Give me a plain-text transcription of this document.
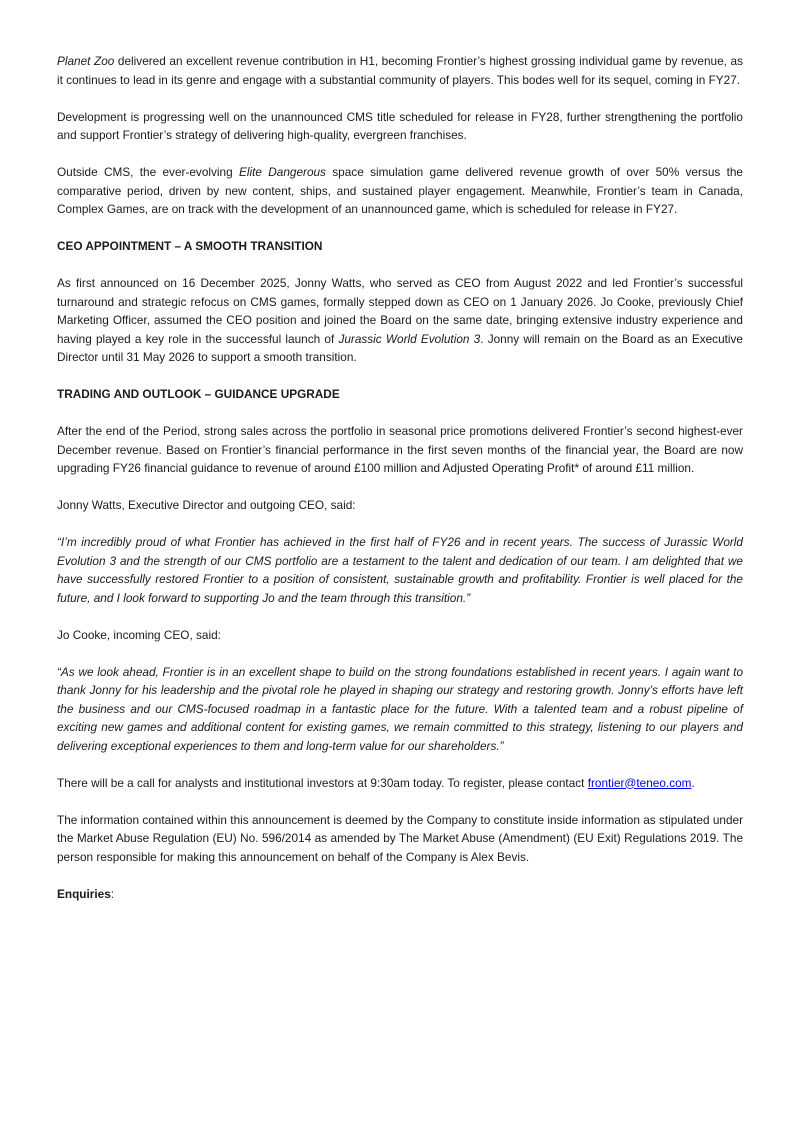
Planet Zoo delivered an excellent revenue contribution in H1, becoming Frontier’s highest grossing individual game by revenue, as it continues to lead in its genre and engage with a substantial community of players. This bodes well for its sequel, coming in FY27.

Development is progressing well on the unannounced CMS title scheduled for release in FY28, further strengthening the portfolio and support Frontier’s strategy of delivering high-quality, evergreen franchises.

Outside CMS, the ever-evolving Elite Dangerous space simulation game delivered revenue growth of over 50% versus the comparative period, driven by new content, ships, and sustained player engagement. Meanwhile, Frontier’s team in Canada, Complex Games, are on track with the development of an unannounced game, which is scheduled for release in FY27.

CEO APPOINTMENT – A SMOOTH TRANSITION

As first announced on 16 December 2025, Jonny Watts, who served as CEO from August 2022 and led Frontier’s successful turnaround and strategic refocus on CMS games, formally stepped down as CEO on 1 January 2026. Jo Cooke, previously Chief Marketing Officer, assumed the CEO position and joined the Board on the same date, bringing extensive industry experience and having played a key role in the successful launch of Jurassic World Evolution 3. Jonny will remain on the Board as an Executive Director until 31 May 2026 to support a smooth transition.

TRADING AND OUTLOOK – GUIDANCE UPGRADE

After the end of the Period, strong sales across the portfolio in seasonal price promotions delivered Frontier’s second highest-ever December revenue. Based on Frontier’s financial performance in the first seven months of the financial year, the Board are now upgrading FY26 financial guidance to revenue of around £100 million and Adjusted Operating Profit* of around £11 million.

Jonny Watts, Executive Director and outgoing CEO, said:

“I’m incredibly proud of what Frontier has achieved in the first half of FY26 and in recent years. The success of Jurassic World Evolution 3 and the strength of our CMS portfolio are a testament to the talent and dedication of our team. I am delighted that we have successfully restored Frontier to a position of consistent, sustainable growth and profitability. Frontier is well placed for the future, and I look forward to supporting Jo and the team through this transition.”

Jo Cooke, incoming CEO, said:

“As we look ahead, Frontier is in an excellent shape to build on the strong foundations established in recent years. I again want to thank Jonny for his leadership and the pivotal role he played in shaping our strategy and restoring growth. Jonny’s efforts have left the business and our CMS-focused roadmap in a fantastic place for the future. With a talented team and a robust pipeline of exciting new games and additional content for existing games, we remain committed to this strategy, listening to our players and delivering exceptional experiences to them and long-term value for our shareholders.”

There will be a call for analysts and institutional investors at 9:30am today. To register, please contact frontier@teneo.com.

The information contained within this announcement is deemed by the Company to constitute inside information as stipulated under the Market Abuse Regulation (EU) No. 596/2014 as amended by The Market Abuse (Amendment) (EU Exit) Regulations 2019. The person responsible for making this announcement on behalf of the Company is Alex Bevis.

Enquiries:
